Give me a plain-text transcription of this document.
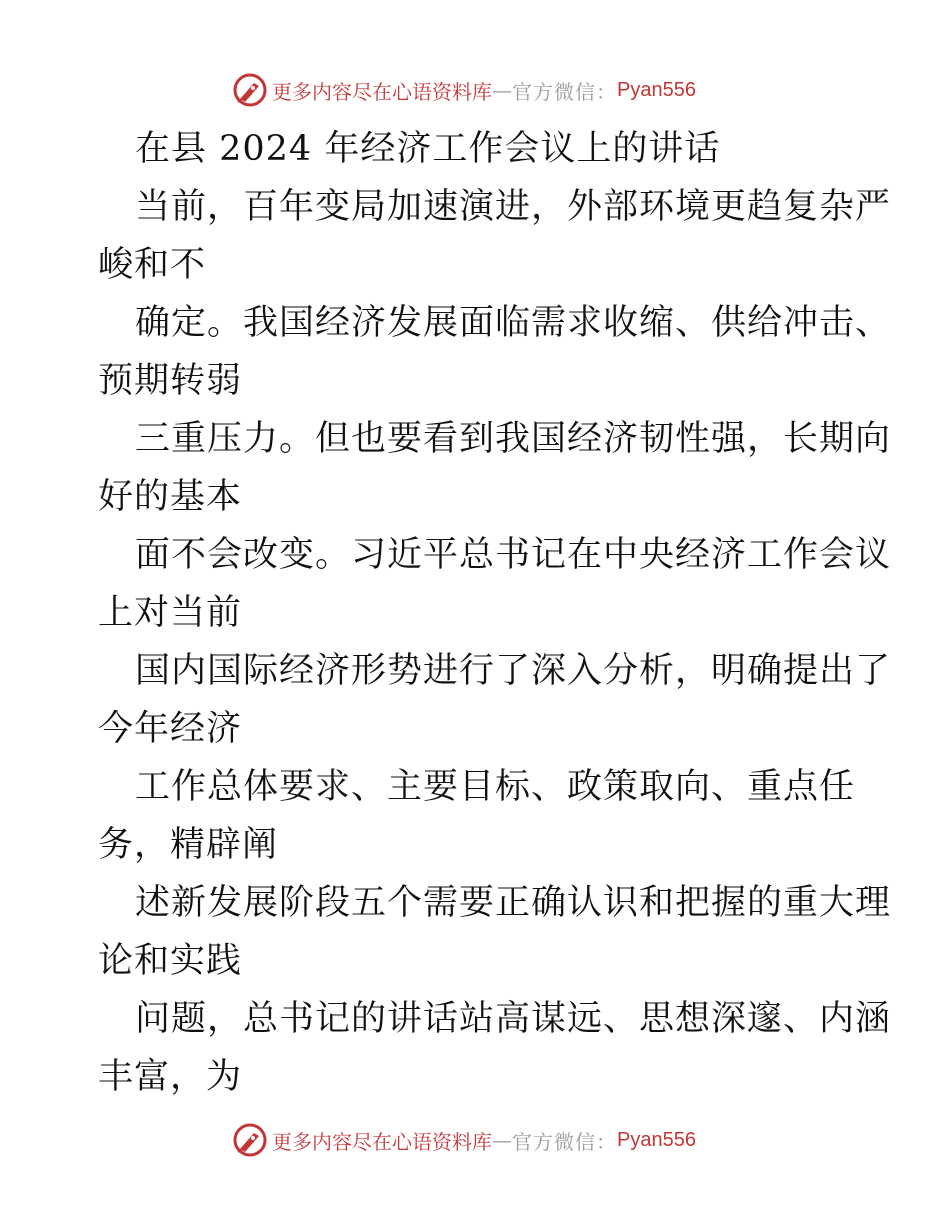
更多内容尽在心语资料库 — 官方微信： Pyan556
在县 2024 年经济工作会议上的讲话
当前，百年变局加速演进，外部环境更趋复杂严
峻和不
确定。我国经济发展面临需求收缩、供给冲击、
预期转弱
三重压力。但也要看到我国经济韧性强，长期向
好的基本
面不会改变。习近平总书记在中央经济工作会议
上对当前
国内国际经济形势进行了深入分析，明确提出了
今年经济
工作总体要求、主要目标、政策取向、重点任
务，精辟阐
述新发展阶段五个需要正确认识和把握的重大理
论和实践
问题，总书记的讲话站高谋远、思想深邃、内涵
丰富，为
更多内容尽在心语资料库 — 官方微信： Pyan556
